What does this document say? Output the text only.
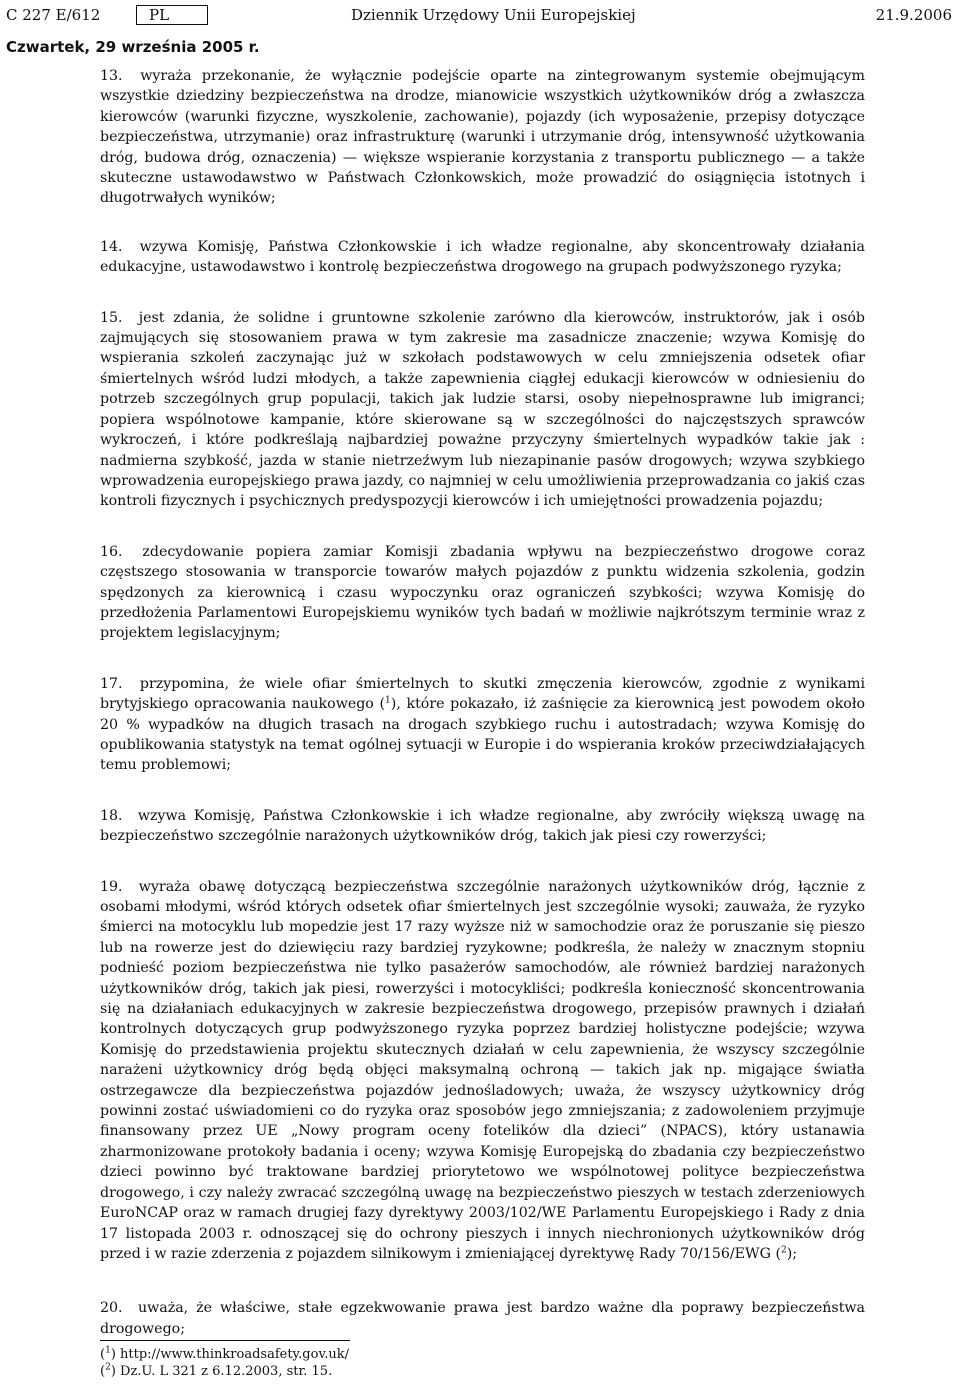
C 227 E/612	PL	Dziennik Urzędowy Unii Europejskiej	21.9.2006
Czwartek, 29 września 2005 r.

13. wyraża przekonanie, że wyłącznie podejście oparte na zintegrowanym systemie obejmującym wszystkie dziedziny bezpieczeństwa na drodze, mianowicie wszystkich użytkowników dróg a zwłaszcza kierowców (warunki fizyczne, wyszkolenie, zachowanie), pojazdy (ich wyposażenie, przepisy dotyczące bezpieczeństwa, utrzymanie) oraz infrastrukturę (warunki i utrzymanie dróg, intensywność użytkowania dróg, budowa dróg, oznaczenia) — większe wspieranie korzystania z transportu publicznego — a także skuteczne ustawodawstwo w Państwach Członkowskich, może prowadzić do osiągnięcia istotnych i długotrwałych wyników;

14. wzywa Komisję, Państwa Członkowskie i ich władze regionalne, aby skoncentrowały działania edukacyjne, ustawodawstwo i kontrolę bezpieczeństwa drogowego na grupach podwyższonego ryzyka;

15. jest zdania, że solidne i gruntowne szkolenie zarówno dla kierowców, instruktorów, jak i osób zajmujących się stosowaniem prawa w tym zakresie ma zasadnicze znaczenie; wzywa Komisję do wspierania szkoleń zaczynając już w szkołach podstawowych w celu zmniejszenia odsetek ofiar śmiertelnych wśród ludzi młodych, a także zapewnienia ciągłej edukacji kierowców w odniesieniu do potrzeb szczególnych grup populacji, takich jak ludzie starsi, osoby niepełnosprawne lub imigranci; popiera wspólnotowe kampanie, które skierowane są w szczególności do najczęstszych sprawców wykroczeń, i które podkreślają najbardziej poważne przyczyny śmiertelnych wypadków takie jak : nadmierna szybkość, jazda w stanie nietrzeźwym lub niezapinanie pasów drogowych; wzywa szybkiego wprowadzenia europejskiego prawa jazdy, co najmniej w celu umożliwienia przeprowadzania co jakiś czas kontroli fizycznych i psychicznych predyspozycji kierowców i ich umiejętności prowadzenia pojazdu;

16. zdecydowanie popiera zamiar Komisji zbadania wpływu na bezpieczeństwo drogowe coraz częstszego stosowania w transporcie towarów małych pojazdów z punktu widzenia szkolenia, godzin spędzonych za kierownicą i czasu wypoczynku oraz ograniczeń szybkości; wzywa Komisję do przedłożenia Parlamentowi Europejskiemu wyników tych badań w możliwie najkrótszym terminie wraz z projektem legislacyjnym;

17. przypomina, że wiele ofiar śmiertelnych to skutki zmęczenia kierowców, zgodnie z wynikami brytyjskiego opracowania naukowego ($^1$), które pokazało, iż zaśnięcie za kierownicą jest powodem około 20 % wypadków na długich trasach na drogach szybkiego ruchu i autostradach; wzywa Komisję do opublikowania statystyk na temat ogólnej sytuacji w Europie i do wspierania kroków przeciwdziałających temu problemowi;

18. wzywa Komisję, Państwa Członkowskie i ich władze regionalne, aby zwróciły większą uwagę na bezpieczeństwo szczególnie narażonych użytkowników dróg, takich jak piesi czy rowerzyści;

19. wyraża obawę dotyczącą bezpieczeństwa szczególnie narażonych użytkowników dróg, łącznie z osobami młodymi, wśród których odsetek ofiar śmiertelnych jest szczególnie wysoki; zauważa, że ryzyko śmierci na motocyklu lub mopedzie jest 17 razy wyższe niż w samochodzie oraz że poruszanie się pieszo lub na rowerze jest do dziewięciu razy bardziej ryzykowne; podkreśla, że należy w znacznym stopniu podnieść poziom bezpieczeństwa nie tylko pasażerów samochodów, ale również bardziej narażonych użytkowników dróg, takich jak piesi, rowerzyści i motocykliści; podkreśla konieczność skoncentrowania się na działaniach edukacyjnych w zakresie bezpieczeństwa drogowego, przepisów prawnych i działań kontrolnych dotyczących grup podwyższonego ryzyka poprzez bardziej holistyczne podejście; wzywa Komisję do przedstawienia projektu skutecznych działań w celu zapewnienia, że wszyscy szczególnie narażeni użytkownicy dróg będą objęci maksymalną ochroną — takich jak np. migające światła ostrzegawcze dla bezpieczeństwa pojazdów jednośladowych; uważa, że wszyscy użytkownicy dróg powinni zostać uświadomieni co do ryzyka oraz sposobów jego zmniejszania; z zadowoleniem przyjmuje finansowany przez UE „Nowy program oceny fotelików dla dzieci” (NPACS), który ustanawia zharmonizowane protokoły badania i oceny; wzywa Komisję Europejską do zbadania czy bezpieczeństwo dzieci powinno być traktowane bardziej priorytetowo we wspólnotowej polityce bezpieczeństwa drogowego, i czy należy zwracać szczególną uwagę na bezpieczeństwo pieszych w testach zderzeniowych EuroNCAP oraz w ramach drugiej fazy dyrektywy 2003/102/WE Parlamentu Europejskiego i Rady z dnia 17 listopada 2003 r. odnoszącej się do ochrony pieszych i innych niechronionych użytkowników dróg przed i w razie zderzenia z pojazdem silnikowym i zmieniającej dyrektywę Rady 70/156/EWG ($^2$);

20. uważa, że właściwe, stałe egzekwowanie prawa jest bardzo ważne dla poprawy bezpieczeństwa drogowego;

($^1$) http://www.thinkroadsafety.gov.uk/
($^2$) Dz.U. L 321 z 6.12.2003, str. 15.
